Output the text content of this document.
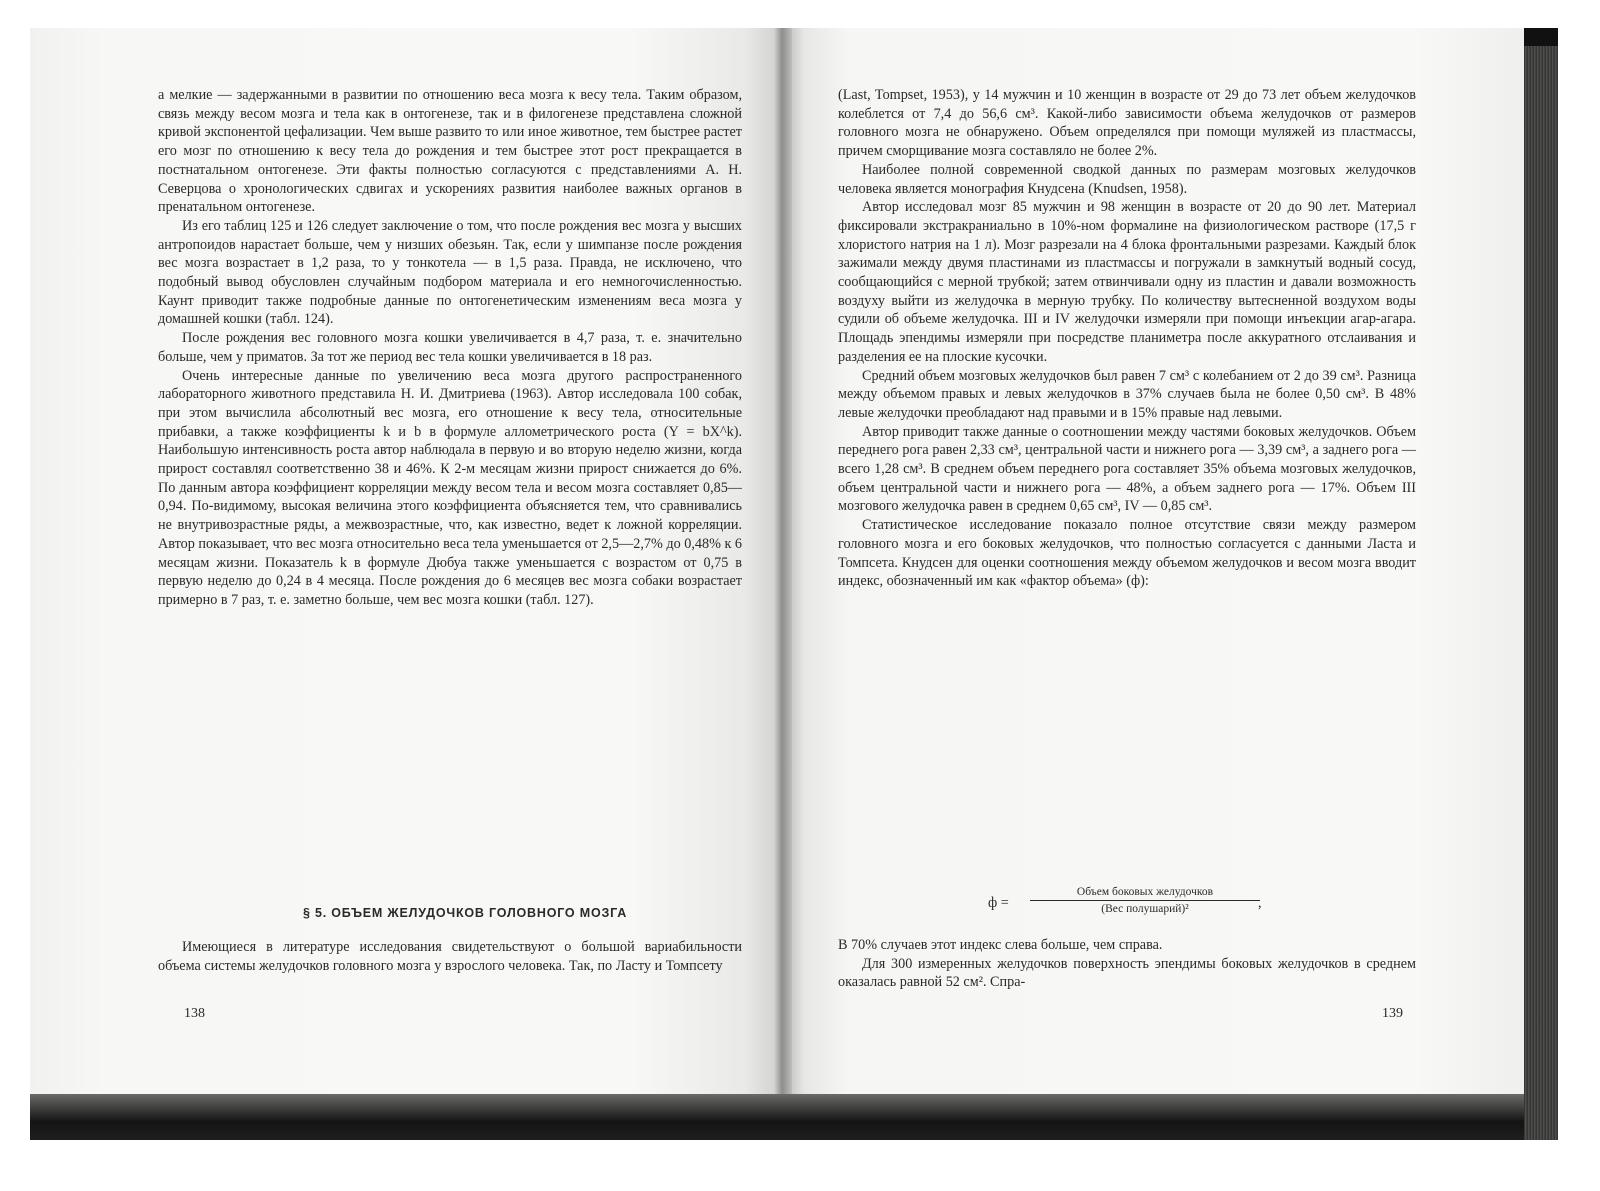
а мелкие — задержанными в развитии по отношению веса мозга к весу тела. Таким образом, связь между весом мозга и тела как в онтогенезе, так и в филогенезе представлена сложной кривой экспонентой цефализации. Чем выше развито то или иное животное, тем быстрее растет его мозг по отношению к весу тела до рождения и тем быстрее этот рост прекращается в постнатальном онтогенезе. Эти факты полностью согласуются с представлениями А. Н. Северцова о хронологических сдвигах и ускорениях развития наиболее важных органов в пренатальном онтогенезе.

Из его таблиц 125 и 126 следует заключение о том, что после рождения вес мозга у высших антропоидов нарастает больше, чем у низших обезьян. Так, если у шимпанзе после рождения вес мозга возрастает в 1,2 раза, то у тонкотела — в 1,5 раза. Правда, не исключено, что подобный вывод обусловлен случайным подбором материала и его немногочисленностью. Каунт приводит также подробные данные по онтогенетическим изменениям веса мозга у домашней кошки (табл. 124).

После рождения вес головного мозга кошки увеличивается в 4,7 раза, т. е. значительно больше, чем у приматов. За тот же период вес тела кошки увеличивается в 18 раз.

Очень интересные данные по увеличению веса мозга другого распространенного лабораторного животного представила Н. И. Дмитриева (1963). Автор исследовала 100 собак, при этом вычислила абсолютный вес мозга, его отношение к весу тела, относительные прибавки, а также коэффициенты k и b в формуле аллометрического роста (Y = bX^k). Наибольшую интенсивность роста автор наблюдала в первую и во вторую неделю жизни, когда прирост составлял соответственно 38 и 46%. К 2-м месяцам жизни прирост снижается до 6%. По данным автора коэффициент корреляции между весом тела и весом мозга составляет 0,85—0,94. По-видимому, высокая величина этого коэффициента объясняется тем, что сравнивались не внутривозрастные ряды, а межвозрастные, что, как известно, ведет к ложной корреляции. Автор показывает, что вес мозга относительно веса тела уменьшается от 2,5—2,7% до 0,48% к 6 месяцам жизни. Показатель k в формуле Дюбуа также уменьшается с возрастом от 0,75 в первую неделю до 0,24 в 4 месяца. После рождения до 6 месяцев вес мозга собаки возрастает примерно в 7 раз, т. е. заметно больше, чем вес мозга кошки (табл. 127).

§ 5. ОБЪЕМ ЖЕЛУДОЧКОВ ГОЛОВНОГО МОЗГА

Имеющиеся в литературе исследования свидетельствуют о большой вариабильности объема системы желудочков головного мозга у взрослого человека. Так, по Ласту и Томпсету

138

(Last, Tompset, 1953), у 14 мужчин и 10 женщин в возрасте от 29 до 73 лет объем желудочков колеблется от 7,4 до 56,6 см³. Какой-либо зависимости объема желудочков от размеров головного мозга не обнаружено. Объем определялся при помощи муляжей из пластмассы, причем сморщивание мозга составляло не более 2%.

Наиболее полной современной сводкой данных по размерам мозговых желудочков человека является монография Кнудсена (Knudsen, 1958).

Автор исследовал мозг 85 мужчин и 98 женщин в возрасте от 20 до 90 лет. Материал фиксировали экстракраниально в 10%-ном формалине на физиологическом растворе (17,5 г хлористого натрия на 1 л). Мозг разрезали на 4 блока фронтальными разрезами. Каждый блок зажимали между двумя пластинами из пластмассы и погружали в замкнутый водный сосуд, сообщающийся с мерной трубкой; затем отвинчивали одну из пластин и давали возможность воздуху выйти из желудочка в мерную трубку. По количеству вытесненной воздухом воды судили об объеме желудочка. III и IV желудочки измеряли при помощи инъекции агар-агара. Площадь эпендимы измеряли при посредстве планиметра после аккуратного отслаивания и разделения ее на плоские кусочки.

Средний объем мозговых желудочков был равен 7 см³ с колебанием от 2 до 39 см³. Разница между объемом правых и левых желудочков в 37% случаев была не более 0,50 см³. В 48% левые желудочки преобладают над правыми и в 15% правые над левыми.

Автор приводит также данные о соотношении между частями боковых желудочков. Объем переднего рога равен 2,33 см³, центральной части и нижнего рога — 3,39 см³, а заднего рога — всего 1,28 см³. В среднем объем переднего рога составляет 35% объема мозговых желудочков, объем центральной части и нижнего рога — 48%, а объем заднего рога — 17%. Объем III мозгового желудочка равен в среднем 0,65 см³, IV — 0,85 см³.

Статистическое исследование показало полное отсутствие связи между размером головного мозга и его боковых желудочков, что полностью согласуется с данными Ласта и Томпсета. Кнудсен для оценки соотношения между объемом желудочков и весом мозга вводит индекс, обозначенный им как «фактор объема» (ф):

ф =
Объем боковых желудочков
(Вес полушарий)²	,

В 70% случаев этот индекс слева больше, чем справа.

Для 300 измеренных желудочков поверхность эпендимы боковых желудочков в среднем оказалась равной 52 см². Спра-

139
